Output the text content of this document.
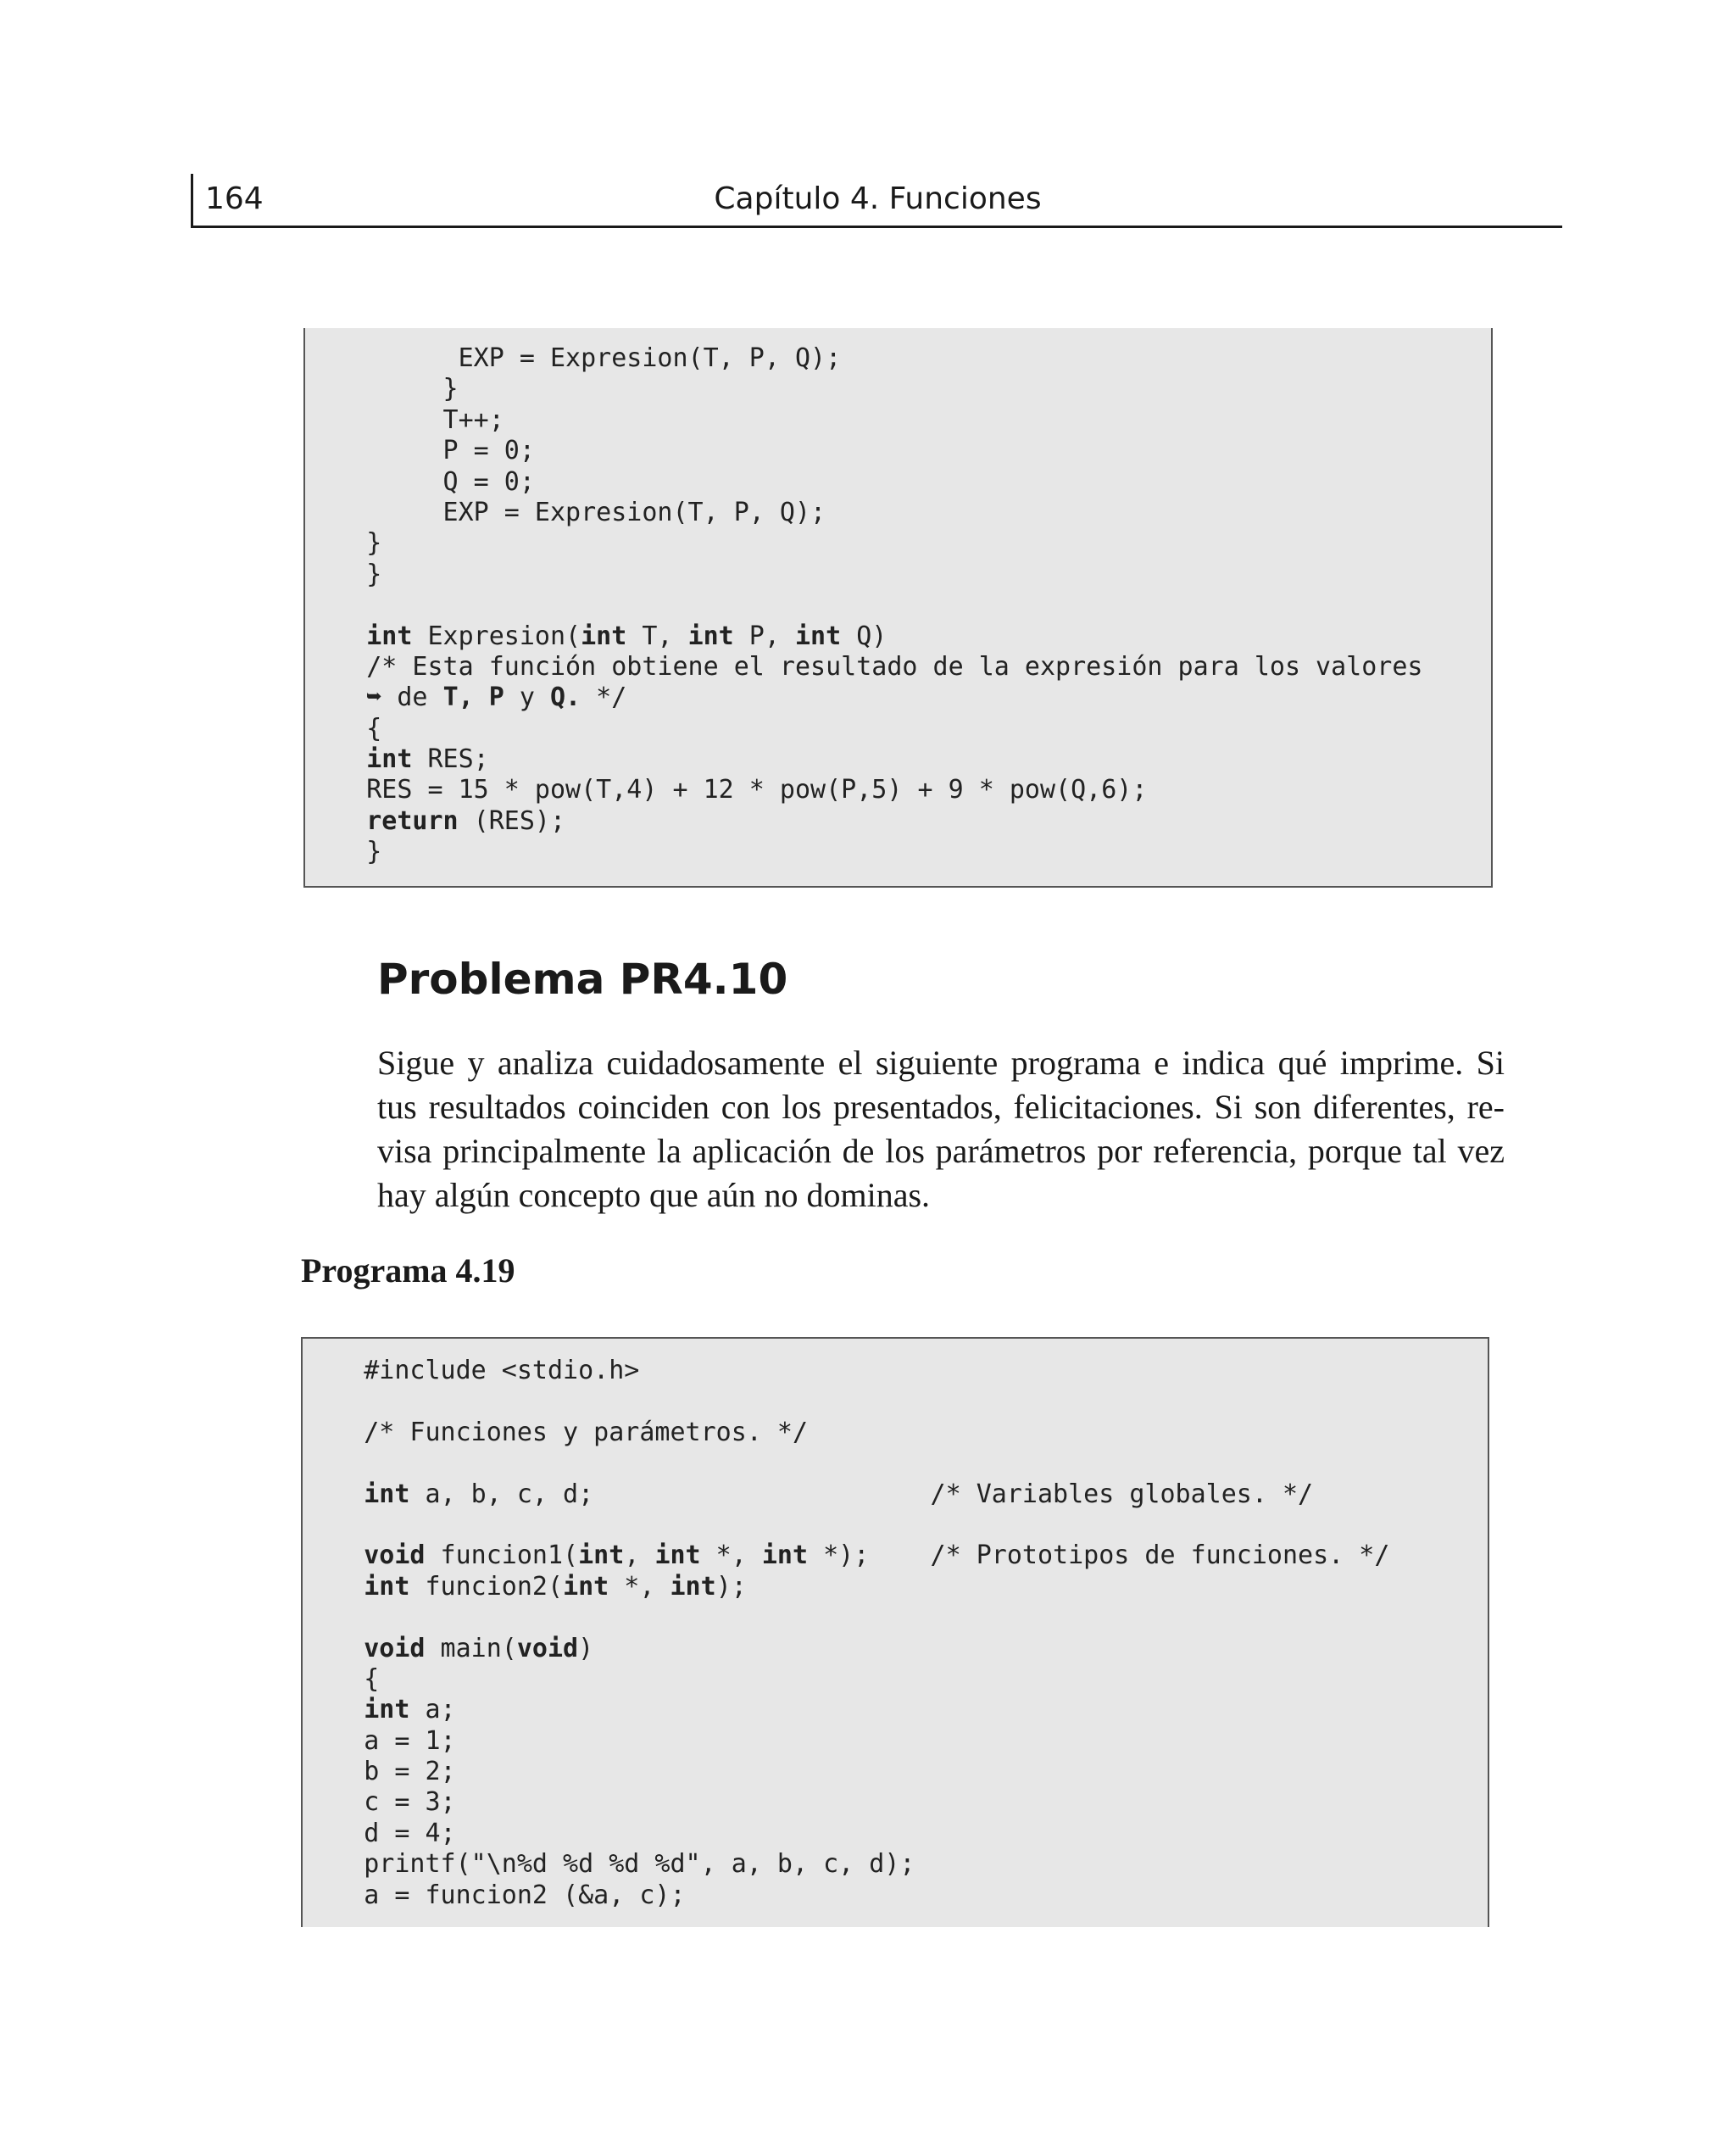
164	Capítulo 4. Funciones
EXP = Expresion(T, P, Q);
}
T++;
P = 0;
Q = 0;
EXP = Expresion(T, P, Q);
}
}
int Expresion(int T, int P, int Q)
/* Esta función obtiene el resultado de la expresión para los valores
➥ de T, P y Q. */
{
int RES;
RES = 15 * pow(T,4) + 12 * pow(P,5) + 9 * pow(Q,6);
return (RES);
}
Problema PR4.10
Sigue y analiza cuidadosamente el siguiente programa e indica qué imprime. Si
tus resultados coinciden con los presentados, felicitaciones. Si son diferentes, re-
visa principalmente la aplicación de los parámetros por referencia, porque tal vez
hay algún concepto que aún no dominas.
Programa 4.19
#include <stdio.h>
/* Funciones y parámetros. */
int a, b, c, d;                      /* Variables globales. */
void funcion1(int, int *, int *);    /* Prototipos de funciones. */
int funcion2(int *, int);
void main(void)
{
int a;
a = 1;
b = 2;
c = 3;
d = 4;
printf("\n%d %d %d %d", a, b, c, d);
a = funcion2 (&a, c);
